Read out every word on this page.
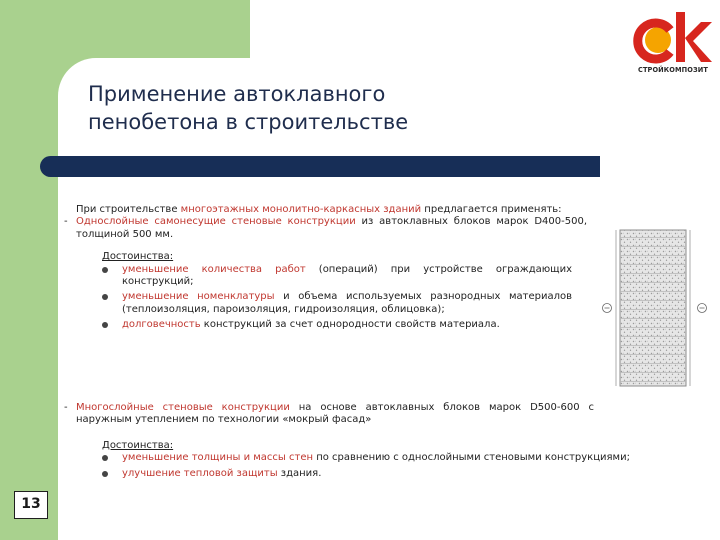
СТРОЙКОМПОЗИТ
Применение автоклавного
пенобетона в строительстве

При строительстве многоэтажных монолитно-каркасных зданий предлагается применять:

- Однослойные самонесущие стеновые конструкции из автоклавных блоков марок D400-500, толщиной 500 мм.

Достоинства:
уменьшение количества работ (операций) при устройстве ограждающих конструкций;
уменьшение номенклатуры и объема используемых разнородных материалов (теплоизоляция, пароизоляция, гидроизоляция, облицовка);
долговечность конструкций за счет однородности свойств материала.

- Многослойные стеновые конструкции на основе автоклавных блоков марок D500-600 с наружным утеплением по технологии «мокрый фасад»

Достоинства:
уменьшение толщины и массы стен по сравнению с однослойными стеновыми конструкциями;
улучшение тепловой защиты здания.
13
